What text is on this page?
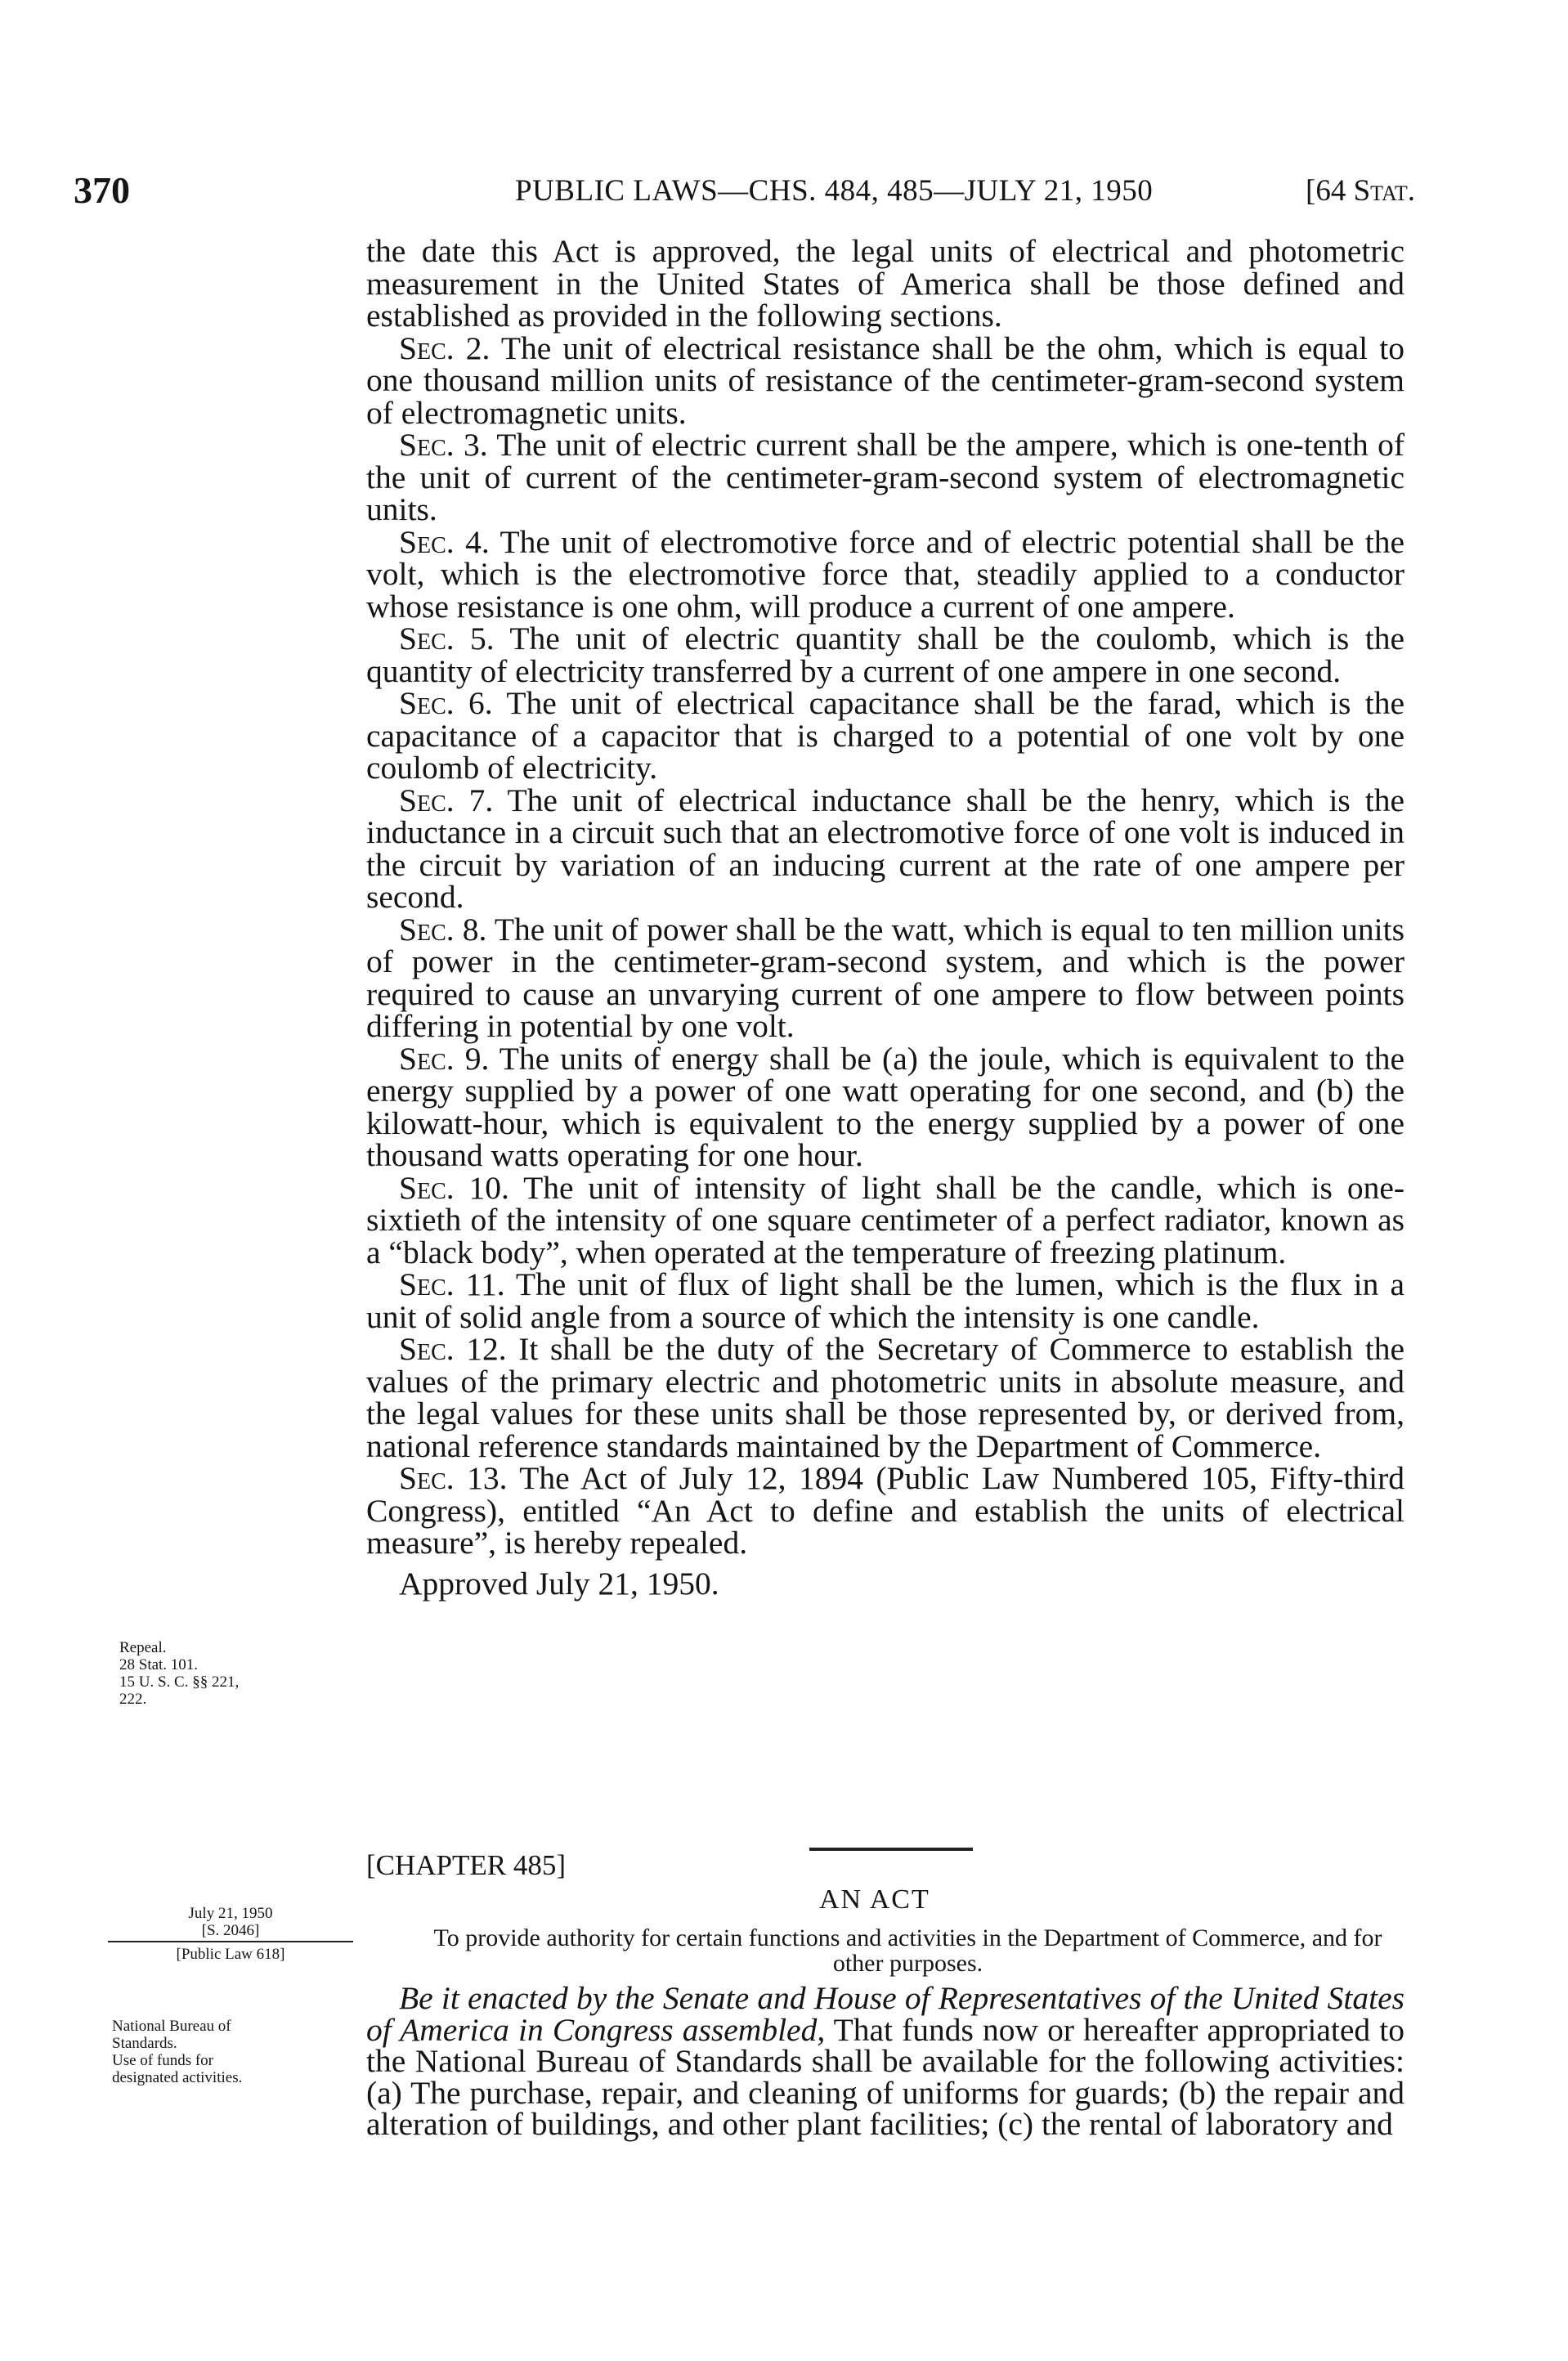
370	PUBLIC LAWS—CHS. 484, 485—JULY 21, 1950	[64 Stat.

the date this Act is approved, the legal units of electrical and photometric measurement in the United States of America shall be those defined and established as provided in the following sections.

Sec. 2. The unit of electrical resistance shall be the ohm, which is equal to one thousand million units of resistance of the centimeter-gram-second system of electromagnetic units.

Sec. 3. The unit of electric current shall be the ampere, which is one-tenth of the unit of current of the centimeter-gram-second system of electromagnetic units.

Sec. 4. The unit of electromotive force and of electric potential shall be the volt, which is the electromotive force that, steadily applied to a conductor whose resistance is one ohm, will produce a current of one ampere.

Sec. 5. The unit of electric quantity shall be the coulomb, which is the quantity of electricity transferred by a current of one ampere in one second.

Sec. 6. The unit of electrical capacitance shall be the farad, which is the capacitance of a capacitor that is charged to a potential of one volt by one coulomb of electricity.

Sec. 7. The unit of electrical inductance shall be the henry, which is the inductance in a circuit such that an electromotive force of one volt is induced in the circuit by variation of an inducing current at the rate of one ampere per second.

Sec. 8. The unit of power shall be the watt, which is equal to ten million units of power in the centimeter-gram-second system, and which is the power required to cause an unvarying current of one ampere to flow between points differing in potential by one volt.

Sec. 9. The units of energy shall be (a) the joule, which is equivalent to the energy supplied by a power of one watt operating for one second, and (b) the kilowatt-hour, which is equivalent to the energy supplied by a power of one thousand watts operating for one hour.

Sec. 10. The unit of intensity of light shall be the candle, which is one-sixtieth of the intensity of one square centimeter of a perfect radiator, known as a “black body”, when operated at the temperature of freezing platinum.

Sec. 11. The unit of flux of light shall be the lumen, which is the flux in a unit of solid angle from a source of which the intensity is one candle.

Sec. 12. It shall be the duty of the Secretary of Commerce to establish the values of the primary electric and photometric units in absolute measure, and the legal values for these units shall be those represented by, or derived from, national reference standards maintained by the Department of Commerce.

Sec. 13. The Act of July 12, 1894 (Public Law Numbered 105, Fifty-third Congress), entitled “An Act to define and establish the units of electrical measure”, is hereby repealed.

Approved July 21, 1950.

Repeal.
28 Stat. 101.
15 U. S. C. §§ 221,
222.
[CHAPTER 485]
AN ACT
To provide authority for certain functions and activities in the Department of Commerce, and for other purposes.
July 21, 1950
[S. 2046]
[Public Law 618]
Be it enacted by the Senate and House of Representatives of the United States of America in Congress assembled, That funds now or hereafter appropriated to the National Bureau of Standards shall be available for the following activities: (a) The purchase, repair, and cleaning of uniforms for guards; (b) the repair and alteration of buildings, and other plant facilities; (c) the rental of laboratory and
National Bureau of
Standards.
Use of funds for
designated activities.
